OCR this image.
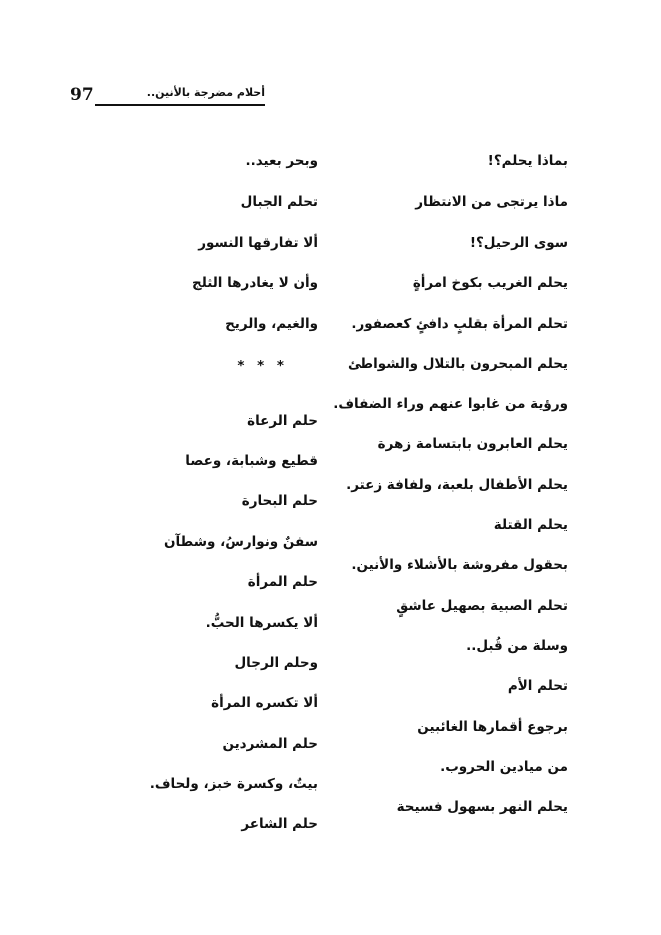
97	أحلام مضرجة بالأنين..
بماذا يحلم؟!
ماذا يرتجى من الانتظار
سوى الرحيل؟!
يحلم الغريب بكوخ امرأةٍ
تحلم المرأة بقلبٍ دافئٍ كعصفور.
يحلم المبحرون بالتلال والشواطئ
ورؤية من غابوا عنهم وراء الضفاف.
يحلم العابرون بابتسامة زهرة
يحلم الأطفال بلعبة، ولفافة زعتر.
يحلم القتلة
بحقول مفروشة بالأشلاء والأنين.
تحلم الصبية بصهيل عاشقٍ
وسلة من قُبل..
تحلم الأم
برجوع أقمارها الغائبين
من ميادين الحروب.
يحلم النهر بسهول فسيحة
وبحر بعيد..
تحلم الجبال
ألا تفارقها النسور
وأن لا يغادرها الثلج
والغيم، والريح
* * *
حلم الرعاة
قطيع وشبابة، وعصا
حلم البحارة
سفنٌ ونوارسُ، وشطآن
حلم المرأة
ألا يكسرها الحبُّ.
وحلم الرجال
ألا تكسره المرأة
حلم المشردين
بيتٌ، وكسرة خبز، ولحاف.
حلم الشاعر
